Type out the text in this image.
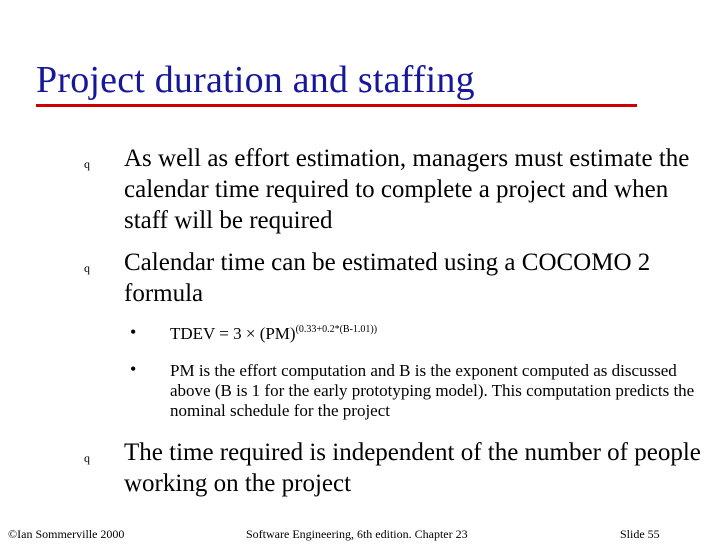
Project duration and staffing
q As well as effort estimation, managers must estimate the calendar time required to complete a project and when staff will be required
q Calendar time can be estimated using a COCOMO 2 formula
• TDEV = 3 × (PM)$^{(0.33+0.2*(B-1.01))}$
• PM is the effort computation and B is the exponent computed as discussed above (B is 1 for the early prototyping model). This computation predicts the nominal schedule for the project
q The time required is independent of the number of people working on the project
©Ian Sommerville 2000	Software Engineering, 6th edition. Chapter 23	Slide 55
